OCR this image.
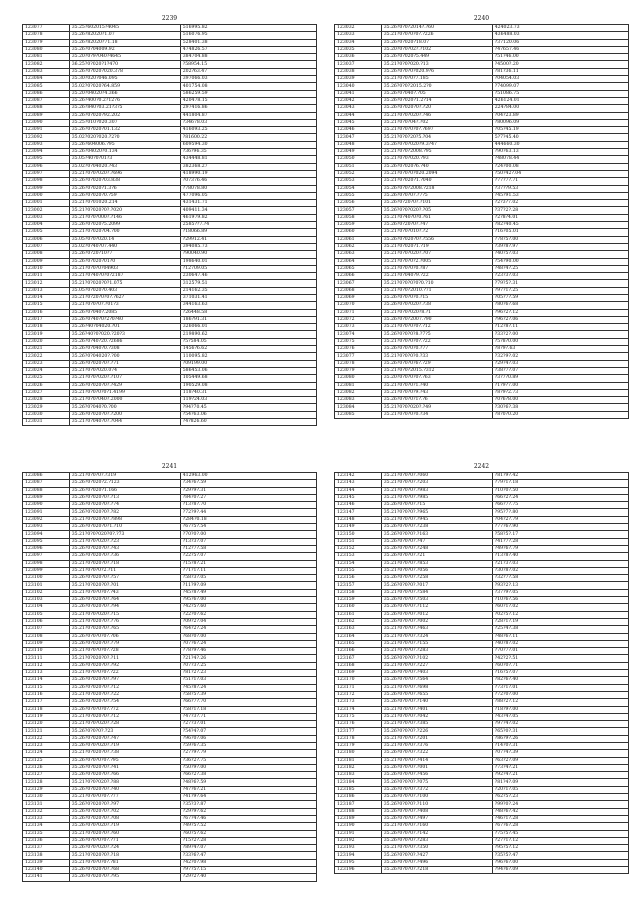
2239
123077	35.25?602015?4045	516995.82
123078	35.26?82020?1.07	516076.95
123079	35.26?82020?71.18	528401.38
123080	35.26?0?04009.92	474826.57
123081	35.20?0?9?040?4645	384704.88
123082	36.25?0?020?1?470	?58954.15
123083	35.26?0?020?020.378	202?63.47
123084	35.30?020?046.095	397066.03
123085	35.02?0?020?64.859	401754.08
123086	35.20?04020?4.366	586259.59
123087	35.26?400?0.2?1276	420478.15
123088	35.26?840?03.21?3?5	297416.86
123089	35.26?0?020?92.202	441804.87
123090	35.25?010?020.307	?34678.03
123091	35.26?0?020?01.132	416093.25
123092	35.02?020?020.?2?0	?81600.22
123093	35.26?604006.?95	609594.30
123094	35.26?04020?0.134	?36?96.35
123095	35.05?40?0?01?3	434448.81
123096	35.02?0?04020.?43	382368.27
123097	35.21?0?0?020?.?696	418990.19
123098	35.26?0?020?03.838	?07376.46
123099	35.26?0?020?1.3?6	?78078.80
123000	35.26?0?020?0.?59	477096.05
123001	35.21?0?01020.214	431431.71
123002	35.21?0?020?0?.?020	409411.34
123003	35.21?0?0?000?.?146	461979.82
123004	35.26?0?020?5.2099	2585??7.?4
123005	35.21?0?020?04.?00	?18066.89
123006	35.05?0?0?020.14	?29912.41
123007	35.02?0?40?07.440	394085.73
123008	35.26?0?20?10?7	?90040.90
123009	35.26?0?020?01?0	198640.01
123010	35.21?0?0?0?04903	?12709.05
123011	35.21?0?40?0?0?2187	230647.46
123012	35.21?0?020?0?1.075	312579.51
123013	35.05?0?020?0.403	214162.35
123014	35.21?0?20?0?0?.?62?	371031.41
123015	35.21?0?0?0?.?01?3	344163.63
123016	35.26?0?040?.2085	?26448.58
123017	35.26?0?40?0?2?0?40	186?91.31
123018	35.26?40?04020.?01	326066.01
123019	35.26?40?0?020.?20?3	219890.62
123020	35.26?0?40?20.?2686	?5?584.05
123021	35.26?0?040?0.?308	1456?6.62
123022	35.26?0?04020?.?00	110095.82
123023	35.26?0?020?0?.?71	?09199.00
123024	35.21?0?0?020.074	586453.06
123025	35.21?0?0?020?.?107	105449.68
123026	35.26?0?020?0?.?429	190529.08
123027	35.21?0?0?0?0?1.4199	118?40.31
123028	35.21?0?0?040?.2000	119?24.03
123029	35.26?0?040?0.?00	?94?70.45
123030	35.26?0?020?0?.?200	?54?63.06
123031	35.21?0?040?0?.?044	?4?826.60
2240
123032	35.26?0?0?2014?.?60	424023.73
123033	35.21?0?0?0?0?.?226	436488.03
123034	35.26?0?020?18.07	?37120.06
123035	35.20?0?0?02?.?102	?47657.46
123036	35.26?0?020?5.449	?51?46.00
123037	35.21?0?0?020.?13	?4500?.20
123038	35.26?0?0?0?020.9?6	?81?36.11
123039	35.21?0?0?0?7.185	?04054.03
123040	35.26?0?0?2015.2?0	?74099.07
123041	35.26?0?040?.?05	?51086.75
123042	35.26?0?020?1.2?14	426124.01
123043	35.26?0?020?0?.?20	224?84.00
123044	35.21?0?0?020?.?46	?04?23.89
123045	35.21?0?0?04?.?02	?80096.09
123046	35.21?0?0?0?0?.?697	?05?45.19
123047	35.21?0?0?20?5.?04	5?7?45.40
123048	35.26?0?0?020?9.3?47	444660.30
123049	35.21?0?0?2008.?95	?90?63.13
123050	35.21?0?0?020.?93	?48078.44
123051	35.26?0?020?6.?40	?24?00.08
123052	35.21?0?0?0?020.2094	?50?42?.04
123053	35.21?0?020?1.?040	?77?7?.71
123054	35.26?0?0?2008.?218	?37??9.53
123055	35.26?0?0?0?.?7?5	?45?91.53
123056	35.26?0?20?0?.?101	?2?3?7.02
123057	35.26?0?0?020?.?05	?37?2?.28
123058	35.21?0?40?0?0.?61	?2?8?4.01
123059	35.26?0?20?0?.?47	?82?40.45
123060	35.21?0?0?010?.?2	?16?05.01
123061	35.26?0?020?0?.?556	?78?5?.00
123062	35.21?0?020?1.?19	?39?8?.97
123063	35.21?0?0?020?.?07	?40?5?.03
123064	35.21?0?0?0?2.?005	?54?90.00
123065	35.21?0?0?0?0.?87	?48?4?.25
123066	35.21?0?040?9.?22	?23?3?.03
123067	35.21?0?0?0?0?0.?10	?79?5?.31
123068	35.21?0?0?2010.?71	?97?1?.25
123069	35.26?0?0?0?0.?15	?05?7?.59
123070	35.26?0?0?020?.?38	?80?6?.68
123071	35.21?0?0?020?8.?1	?96?2?.12
123072	35.26?0?0?2007.?90	?96?2?.06
123073	35.21?0?0?0?0?.?12	?12?8?.11
123074	35.26?0?0?0?8.?7?5	?33?2?.00
123075	35.21?0?0?0?0?.?22	?5?8?0.00
123076	35.26?0?0?0?0.?77	?8?9?.63
123077	35.21?0?0?0?0.?33	?32?9?.02
123078	35.26?0?0?0?6?.?29	?29?4?.03
123079	35.21?0?0?2015.?312	?38?7?.07
123080	35.20?0?0?0?0?.?63	?3?7?0.89
123081	35.21?0?0?0?1.?40	?1?9?7.00
123082	35.21?0?0?0?9.?43	?8?9?2.73
123083	35.26?0?0?0?1?.?6	?0?6?8.00
123084	35.21?0?0?020?.?49	?30?6?.38
123085	35.21?0?0?0?0.?34	?8?0?0.20
2241
123086	35.21?0?0?0?.?319	412963.00
123087	35.26?0?020?2.?123	?34?6?.59
123088	35.26?0?020?1.166	?29?9?.31
123089	35.26?0?020?0?.?13	?84?0?.27
123090	35.26?0?020?0?.?74	?13?8?.70
123091	35.26?0?020?0?.?82	?72?9?.44
123092	35.21?0?020?0?.?898	?284?0.18
123093	35.26?0?020?0?1.?10	?67?5?.54
123094	35.21?0?0?020?0?.?73	?70?0?.00
123095	35.21?0?0?020?.?23	?13?3?.07
123096	35.26?0?020?0?.?43	?12?7?.58
123097	35.26?0?020?0?.?36	?22?5?.07
123098	35.21?0?020?0?.?18	?15?8?.21
123099	35.21?0?0?0?2.?11	?71?1?.11
123100	35.26?0?020?0?.?57	?58?3?.05
123101	35.21?0?020?0?.?01	?11?9?.09
123102	35.21?0?0?0?0?.?43	?45?8?.49
123103	35.26?0?020?0?.?64	?95?6?.00
123104	35.26?0?020?0?.?94	?42?5?.60
123105	35.21?0?0?020?.?15	?22?0?.62
123106	35.21?0?020?0?.?76	?09?2?.04
123107	35.21?0?020?0?.?65	?64?2?.24
123108	35.26?0?0?0?0?.?06	?68?0?.00
123109	35.26?0?020?0?.?79	?07?6?.24
123110	35.21?0?0?0?0?.?28	?78?9?.46
123111	35.21?0?020?0?.?11	?21?4?.26
123112	35.26?0?020?0?.?92	?07?3?.25
123113	35.21?0?0?0?0?.?22	?81?2?.23
123114	35.26?0?020?0?.?97	?51?1?.03
123115	35.26?0?020?0?.?12	?45?8?.24
123116	35.21?0?020?0?.?22	?58?5?.39
123117	35.26?0?020?0?.?54	?66?7?.70
123118	35.26?0?0?0?0?.?72	?58?1?.18
123119	35.21?0?020?0?.?12	?47?3?.71
123120	35.21?0?0?020?.?28	?27?3?.01
123121	35.26?0?0?0?.?23	?54?4?.07
123122	35.26?0?020?0?.?47	?96?0?.06
123123	35.26?0?0?020?.?19	?59?6?.35
123124	35.21?0?020?0?.?38	?27?9?.79
123125	35.26?0?0?0?0?.?95	?36?2?.75
123126	35.26?0?020?0?.?41	?50?9?.00
123127	35.26?0?020?0?.?66	?66?2?.38
123128	35.21?0?0?020?.?88	?48?6?.59
123129	35.26?0?020?0?.?40	?47?6?.21
123130	35.21?0?0?0?0?.?77	?41?9?.64
123131	35.26?0?020?0?.?97	?35?3?.87
123132	35.26?0?020?0?.?02	?29?9?.62
123133	35.26?0?020?0?.?08	?67?4?.46
123134	35.26?0?0?020?.?19	?49?5?.52
123135	35.21?0?020?0?.?60	?60?5?.62
123136	35.26?0?0?0?0?.?71	?15?2?.28
123137	35.26?0?0?020?.?24	?89?4?.07
123138	35.21?0?020?0?.?18	?33?6?.47
123139	35.21?0?0?0?0?.?81	?42?0?.98
123140	35.26?0?020?0?.?68	?97?5?.15
123141	35.26?0?020?0?.?95	?29?2?.40
2242
123142	35.21?0?0?0?.?060	?81?9?.42
123143	35.21?0?0?0?.?203	?79?1?.18
123144	35.21?0?0?0?.?983	?10?0?.50
123145	35.21?0?0?0?.?985	?66?2?.24
123146	35.26?0?0?0?.?15	?66?7?.75
123147	35.21?0?0?0?.?965	?95?7?.80
123148	35.21?0?0?0?.?945	?04?2?.79
123149	35.26?0?0?0?.?238	?77?6?.90
123150	35.26?0?0?0?.?163	?58?5?.17
123151	35.26?0?0?0?.?47	?41?7?.28
123152	35.26?0?0?0?.?248	?49?6?.79
123153	35.26?0?0?0?.?21	?13?8?.40
123154	35.21?0?0?0?.?853	?21?3?.03
123155	35.21?0?0?0?.?056	?30?8?.02
123156	35.26?0?0?0?.?258	?32?7?.58
123157	35.26?0?0?0?.?017	?93?2?.13
123158	35.21?0?0?0?.?584	?37?9?.05
123159	35.26?0?0?0?.?503	?10?6?.56
123160	35.26?0?0?0?.?112	?60?1?.02
123161	35.26?0?0?0?.?012	?02?5?.12
123162	35.26?0?0?0?.?002	?28?1?.19
123163	35.21?0?0?0?.?463	?25?4?.38
123164	35.21?0?0?0?.?324	?48?6?.11
123165	35.21?0?0?0?.?155	?40?8?.02
123166	35.21?0?0?0?.?283	?70?7?.01
123167	35.26?0?0?0?.?102	?42?2?.51
123168	35.21?0?0?0?.?227	?60?0?.71
123169	35.26?0?0?0?.?403	?16?5?.07
123170	35.26?0?0?0?.?564	?82?6?.40
123171	35.21?0?0?0?.?698	?73?1?.01
123172	35.26?0?0?0?.?655	?72?0?.00
123173	35.26?0?0?0?.?140	?88?2?.12
123174	35.21?0?0?0?.?401	?18?9?.00
123175	35.21?0?0?0?.?042	?43?4?.05
123176	35.21?0?0?0?.?385	?97?4?.02
123177	35.26?0?0?0?.?226	?65?0?.31
123178	35.21?0?0?0?.?201	?86?9?.26
123179	35.21?0?0?0?.?376	?14?0?.31
123180	35.26?0?0?0?.?322	?07?4?.39
123181	35.21?0?0?0?.?414	?63?2?.09
123182	35.26?0?0?0?.?001	?73?4?.21
123183	35.26?0?0?0?.?456	?92?4?.21
123184	35.26?0?0?0?.?075	?81?4?.09
123185	35.26?0?0?0?.?372	?20?1?.05
123186	35.26?0?0?0?.?100	?62?5?.23
123187	35.26?0?0?0?.?110	?99?0?.24
123188	35.26?0?0?0?.?408	?48?6?.42
123189	35.26?0?0?0?.?497	?46?1?.28
123190	35.21?0?0?0?.?160	?67?6?.28
123191	35.26?0?0?0?.?142	?75?5?.45
123192	35.26?0?0?0?.?283	?27?1?.12
123193	35.21?0?0?0?.?350	?95?5?.12
123194	35.26?0?0?0?.?427	?35?5?.47
123195	35.26?0?0?0?.?496	?96?6?.00
123196	35.26?0?0?0?.?218	?94?6?.09
